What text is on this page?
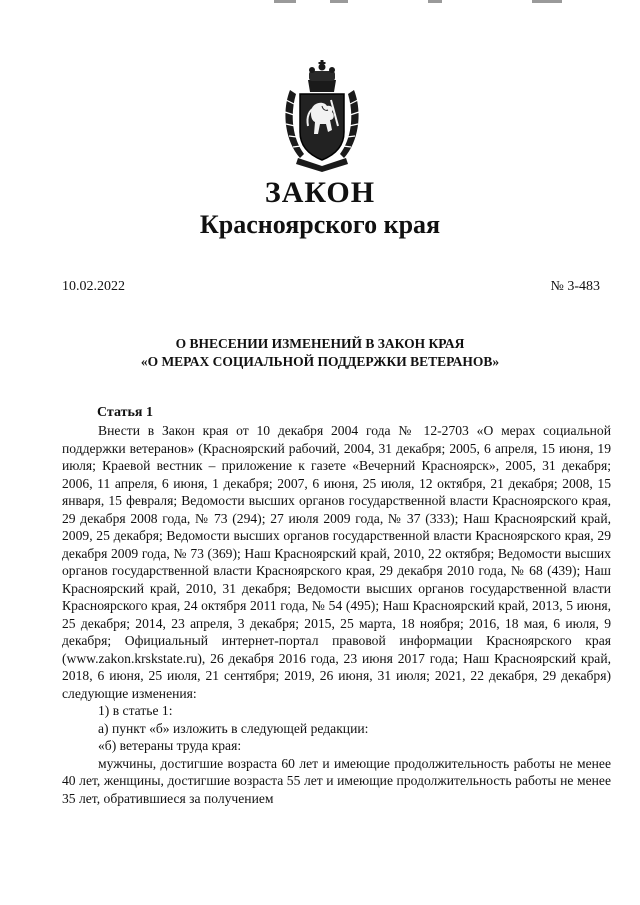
ЗАКОН
Красноярского края
10.02.2022	№ 3-483
О ВНЕСЕНИИ ИЗМЕНЕНИЙ В ЗАКОН КРАЯ
«О МЕРАХ СОЦИАЛЬНОЙ ПОДДЕРЖКИ ВЕТЕРАНОВ»
Статья 1

Внести в Закон края от 10 декабря 2004 года № 12-2703 «О мерах социальной поддержки ветеранов» (Красноярский рабочий, 2004, 31 декабря; 2005, 6 апреля, 15 июня, 19 июля; Краевой вестник – приложение к газете «Вечерний Красноярск», 2005, 31 декабря; 2006, 11 апреля, 6 июня, 1 декабря; 2007, 6 июня, 25 июля, 12 октября, 21 декабря; 2008, 15 января, 15 февраля; Ведомости высших органов государственной власти Красноярского края, 29 декабря 2008 года, № 73 (294); 27 июля 2009 года, № 37 (333); Наш Красноярский край, 2009, 25 декабря; Ведомости высших органов государственной власти Красноярского края, 29 декабря 2009 года, № 73 (369); Наш Красноярский край, 2010, 22 октября; Ведомости высших органов государственной власти Красноярского края, 29 декабря 2010 года, № 68 (439); Наш Красноярский край, 2010, 31 декабря; Ведомости высших органов государственной власти Красноярского края, 24 октября 2011 года, № 54 (495); Наш Красноярский край, 2013, 5 июня, 25 декабря; 2014, 23 апреля, 3 декабря; 2015, 25 марта, 18 ноября; 2016, 18 мая, 6 июля, 9 декабря; Официальный интернет-портал правовой информации Красноярского края (www.zakon.krskstate.ru), 26 декабря 2016 года, 23 июня 2017 года; Наш Красноярский край, 2018, 6 июня, 25 июля, 21 сентября; 2019, 26 июня, 31 июля; 2021, 22 декабря, 29 декабря) следующие изменения:

1) в статье 1:

а) пункт «б» изложить в следующей редакции:

«б) ветераны труда края:

мужчины, достигшие возраста 60 лет и имеющие продолжительность работы не менее 40 лет, женщины, достигшие возраста 55 лет и имеющие продолжительность работы не менее 35 лет, обратившиеся за получением
